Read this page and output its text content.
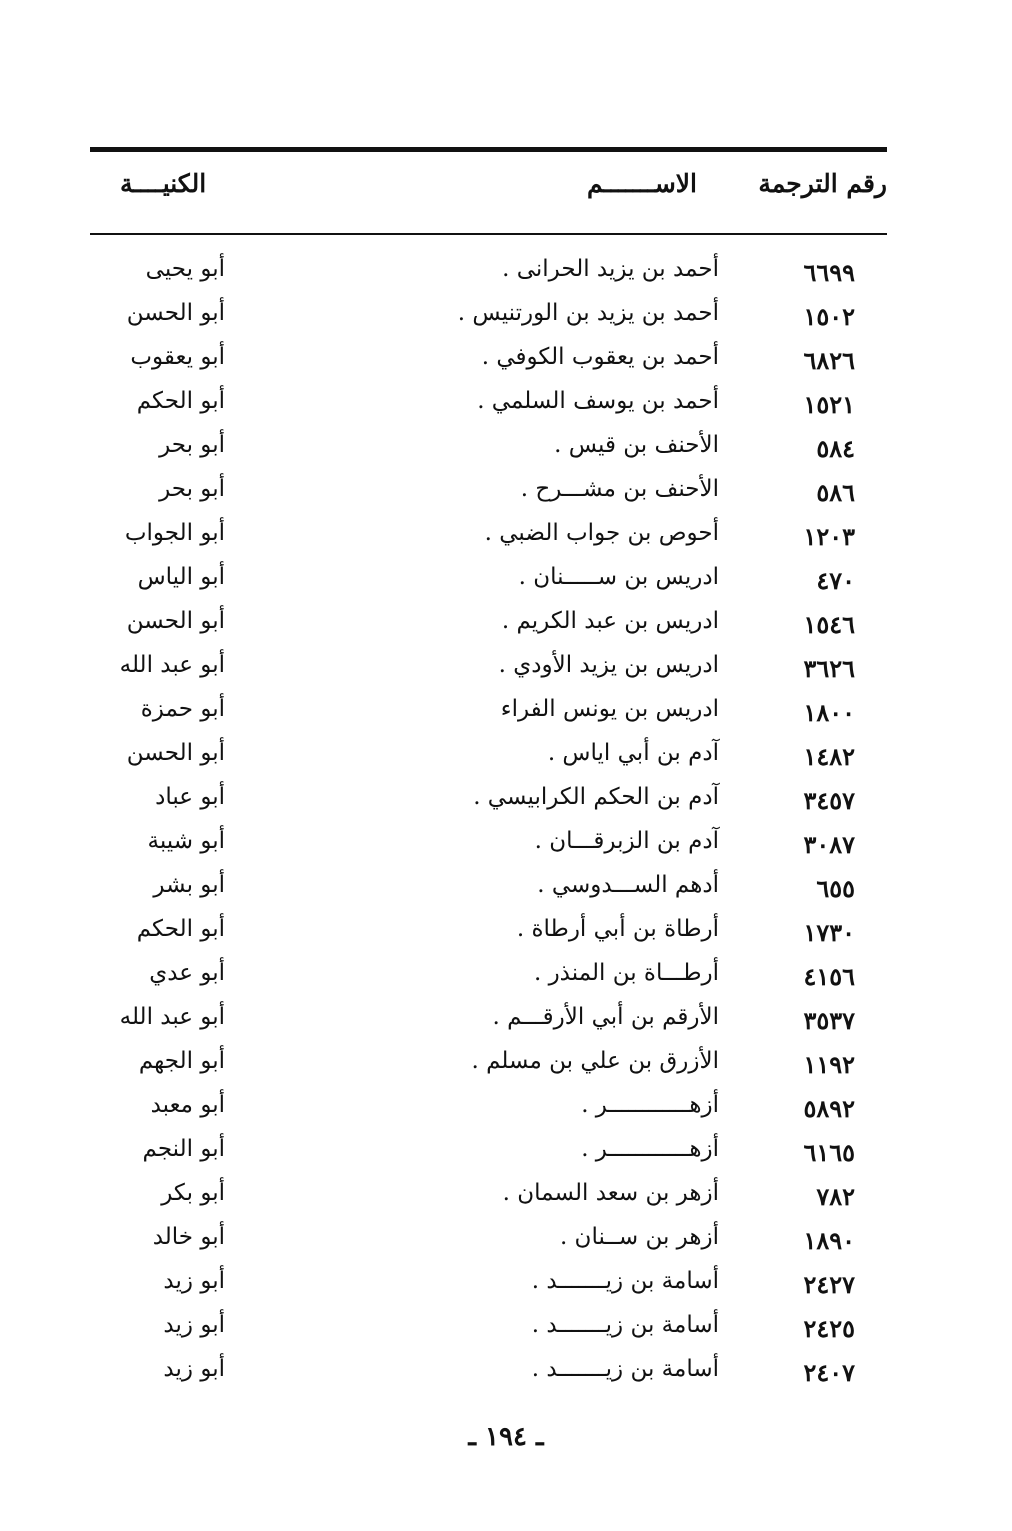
رقم الترجمة
الاســـــــم
الكنيــــة
٦٦٩٩
أحمد بن يزيد الحرانى .
أبو يحيى
١٥٠٢
أحمد بن يزيد بن الورتنيس .
أبو الحسن
٦٨٢٦
أحمد بن يعقوب الكوفي .
أبو يعقوب
١٥٢١
أحمد بن يوسف السلمي .
أبو الحكم
٥٨٤
الأحنف بن قيس .
أبو بحر
٥٨٦
الأحنف بن مشـــرح .
أبو بحر
١٢٠٣
أحوص بن جواب الضبي .
أبو الجواب
٤٧٠
ادريس بن ســـــنان .
أبو الياس
١٥٤٦
ادريس بن عبد الكريم .
أبو الحسن
٣٦٢٦
ادريس بن يزيد الأودي .
أبو عبد الله
١٨٠٠
ادريس بن يونس الفراء
أبو حمزة
١٤٨٢
آدم بن أبي اياس .
أبو الحسن
٣٤٥٧
آدم بن الحكم الكرابيسي .
أبو عباد
٣٠٨٧
آدم بن الزبرقـــان .
أبو شيبة
٦٥٥
أدهم الســـدوسي .
أبو بشر
١٧٣٠
أرطاة بن أبي أرطاة .
أبو الحكم
٤١٥٦
أرطـــاة بن المنذر .
أبو عدي
٣٥٣٧
الأرقم بن أبي الأرقـــم .
أبو عبد الله
١١٩٢
الأزرق بن علي بن مسلم .
أبو الجهم
٥٨٩٢
أزهــــــــــــر .
أبو معبد
٦١٦٥
أزهــــــــــــر .
أبو النجم
٧٨٢
أزهر بن سعد السمان .
أبو بكر
١٨٩٠
أزهر بن ســنان .
أبو خالد
٢٤٢٧
أسامة بن زيـــــــد .
أبو زيد
٢٤٢٥
أسامة بن زيـــــــد .
أبو زيد
٢٤٠٧
أسامة بن زيـــــــد .
أبو زيد
ـ ١٩٤ ـ
